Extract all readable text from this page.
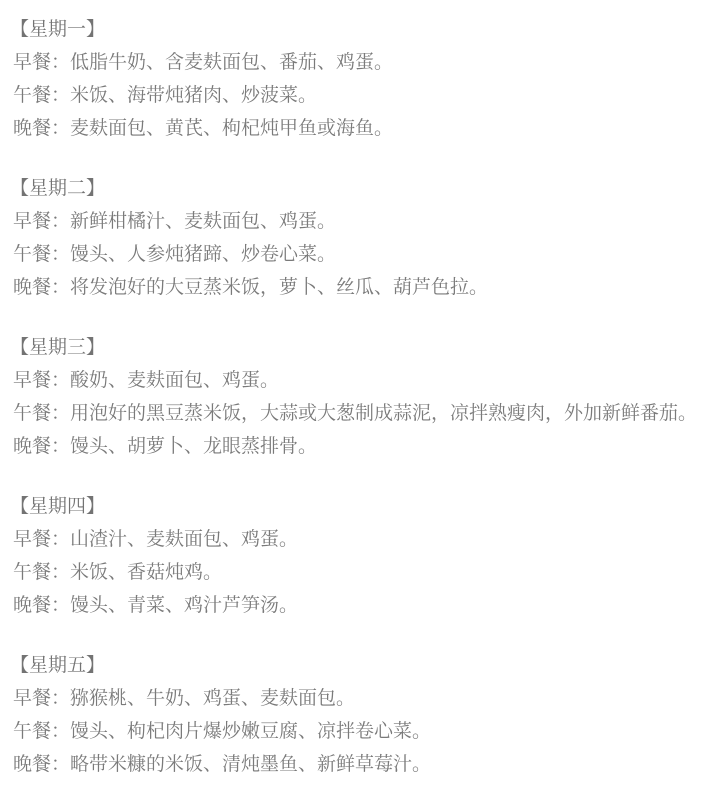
【星期一】
早餐：低脂牛奶、含麦麸面包、番茄、鸡蛋。
午餐：米饭、海带炖猪肉、炒菠菜。
晚餐：麦麸面包、黄芪、枸杞炖甲鱼或海鱼。
【星期二】
早餐：新鲜柑橘汁、麦麸面包、鸡蛋。
午餐：馒头、人参炖猪蹄、炒卷心菜。
晚餐：将发泡好的大豆蒸米饭，萝卜、丝瓜、葫芦色拉。
【星期三】
早餐：酸奶、麦麸面包、鸡蛋。
午餐：用泡好的黑豆蒸米饭，大蒜或大葱制成蒜泥，凉拌熟瘦肉，外加新鲜番茄。
晚餐：馒头、胡萝卜、龙眼蒸排骨。
【星期四】
早餐：山渣汁、麦麸面包、鸡蛋。
午餐：米饭、香菇炖鸡。
晚餐：馒头、青菜、鸡汁芦笋汤。
【星期五】
早餐：猕猴桃、牛奶、鸡蛋、麦麸面包。
午餐：馒头、枸杞肉片爆炒嫩豆腐、凉拌卷心菜。
晚餐：略带米糠的米饭、清炖墨鱼、新鲜草莓汁。
